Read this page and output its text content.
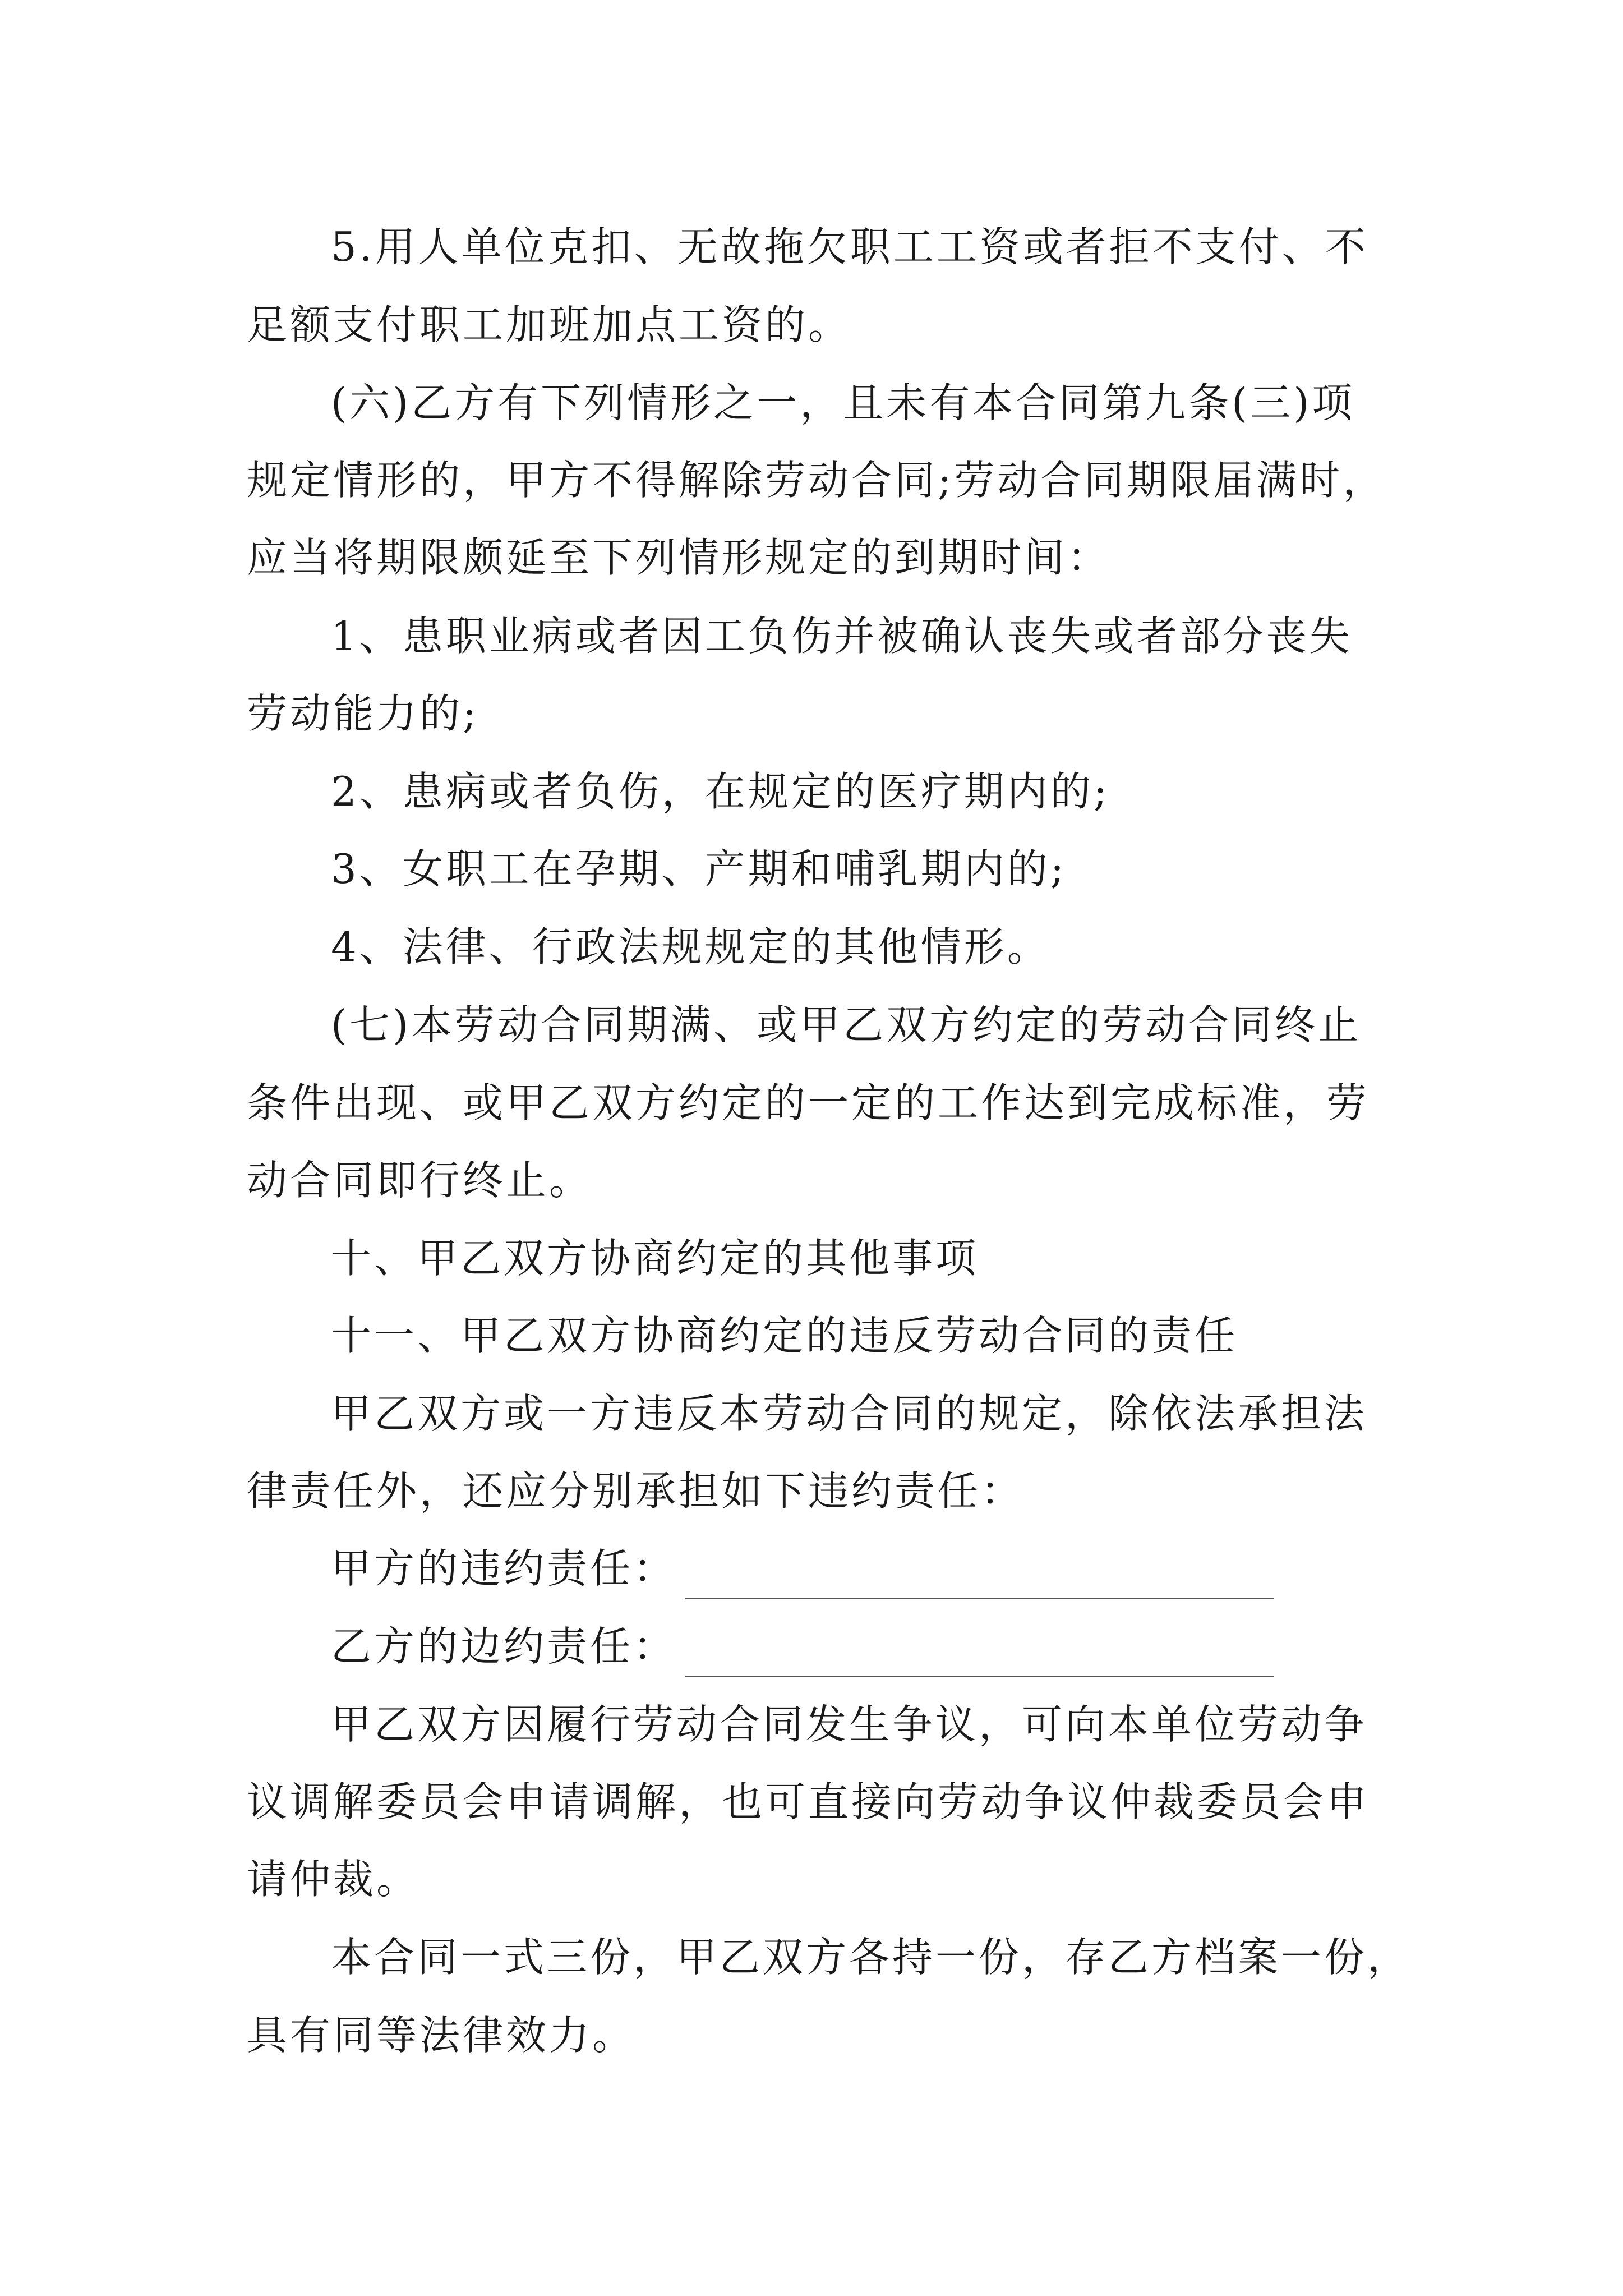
5.用人单位克扣、无故拖欠职工工资或者拒不支付、不
足额支付职工加班加点工资的。
(六)乙方有下列情形之一，且未有本合同第九条(三)项
规定情形的，甲方不得解除劳动合同;劳动合同期限届满时，
应当将期限颇延至下列情形规定的到期时间：
1、患职业病或者因工负伤并被确认丧失或者部分丧失
劳动能力的;
2、患病或者负伤，在规定的医疗期内的;
3、女职工在孕期、产期和哺乳期内的;
4、法律、行政法规规定的其他情形。
(七)本劳动合同期满、或甲乙双方约定的劳动合同终止
条件出现、或甲乙双方约定的一定的工作达到完成标准，劳
动合同即行终止。
十、甲乙双方协商约定的其他事项
十一、甲乙双方协商约定的违反劳动合同的责任
甲乙双方或一方违反本劳动合同的规定，除依法承担法
律责任外，还应分别承担如下违约责任：
甲方的违约责任：
乙方的边约责任：
甲乙双方因履行劳动合同发生争议，可向本单位劳动争
议调解委员会申请调解，也可直接向劳动争议仲裁委员会申
请仲裁。
本合同一式三份，甲乙双方各持一份，存乙方档案一份，
具有同等法律效力。
